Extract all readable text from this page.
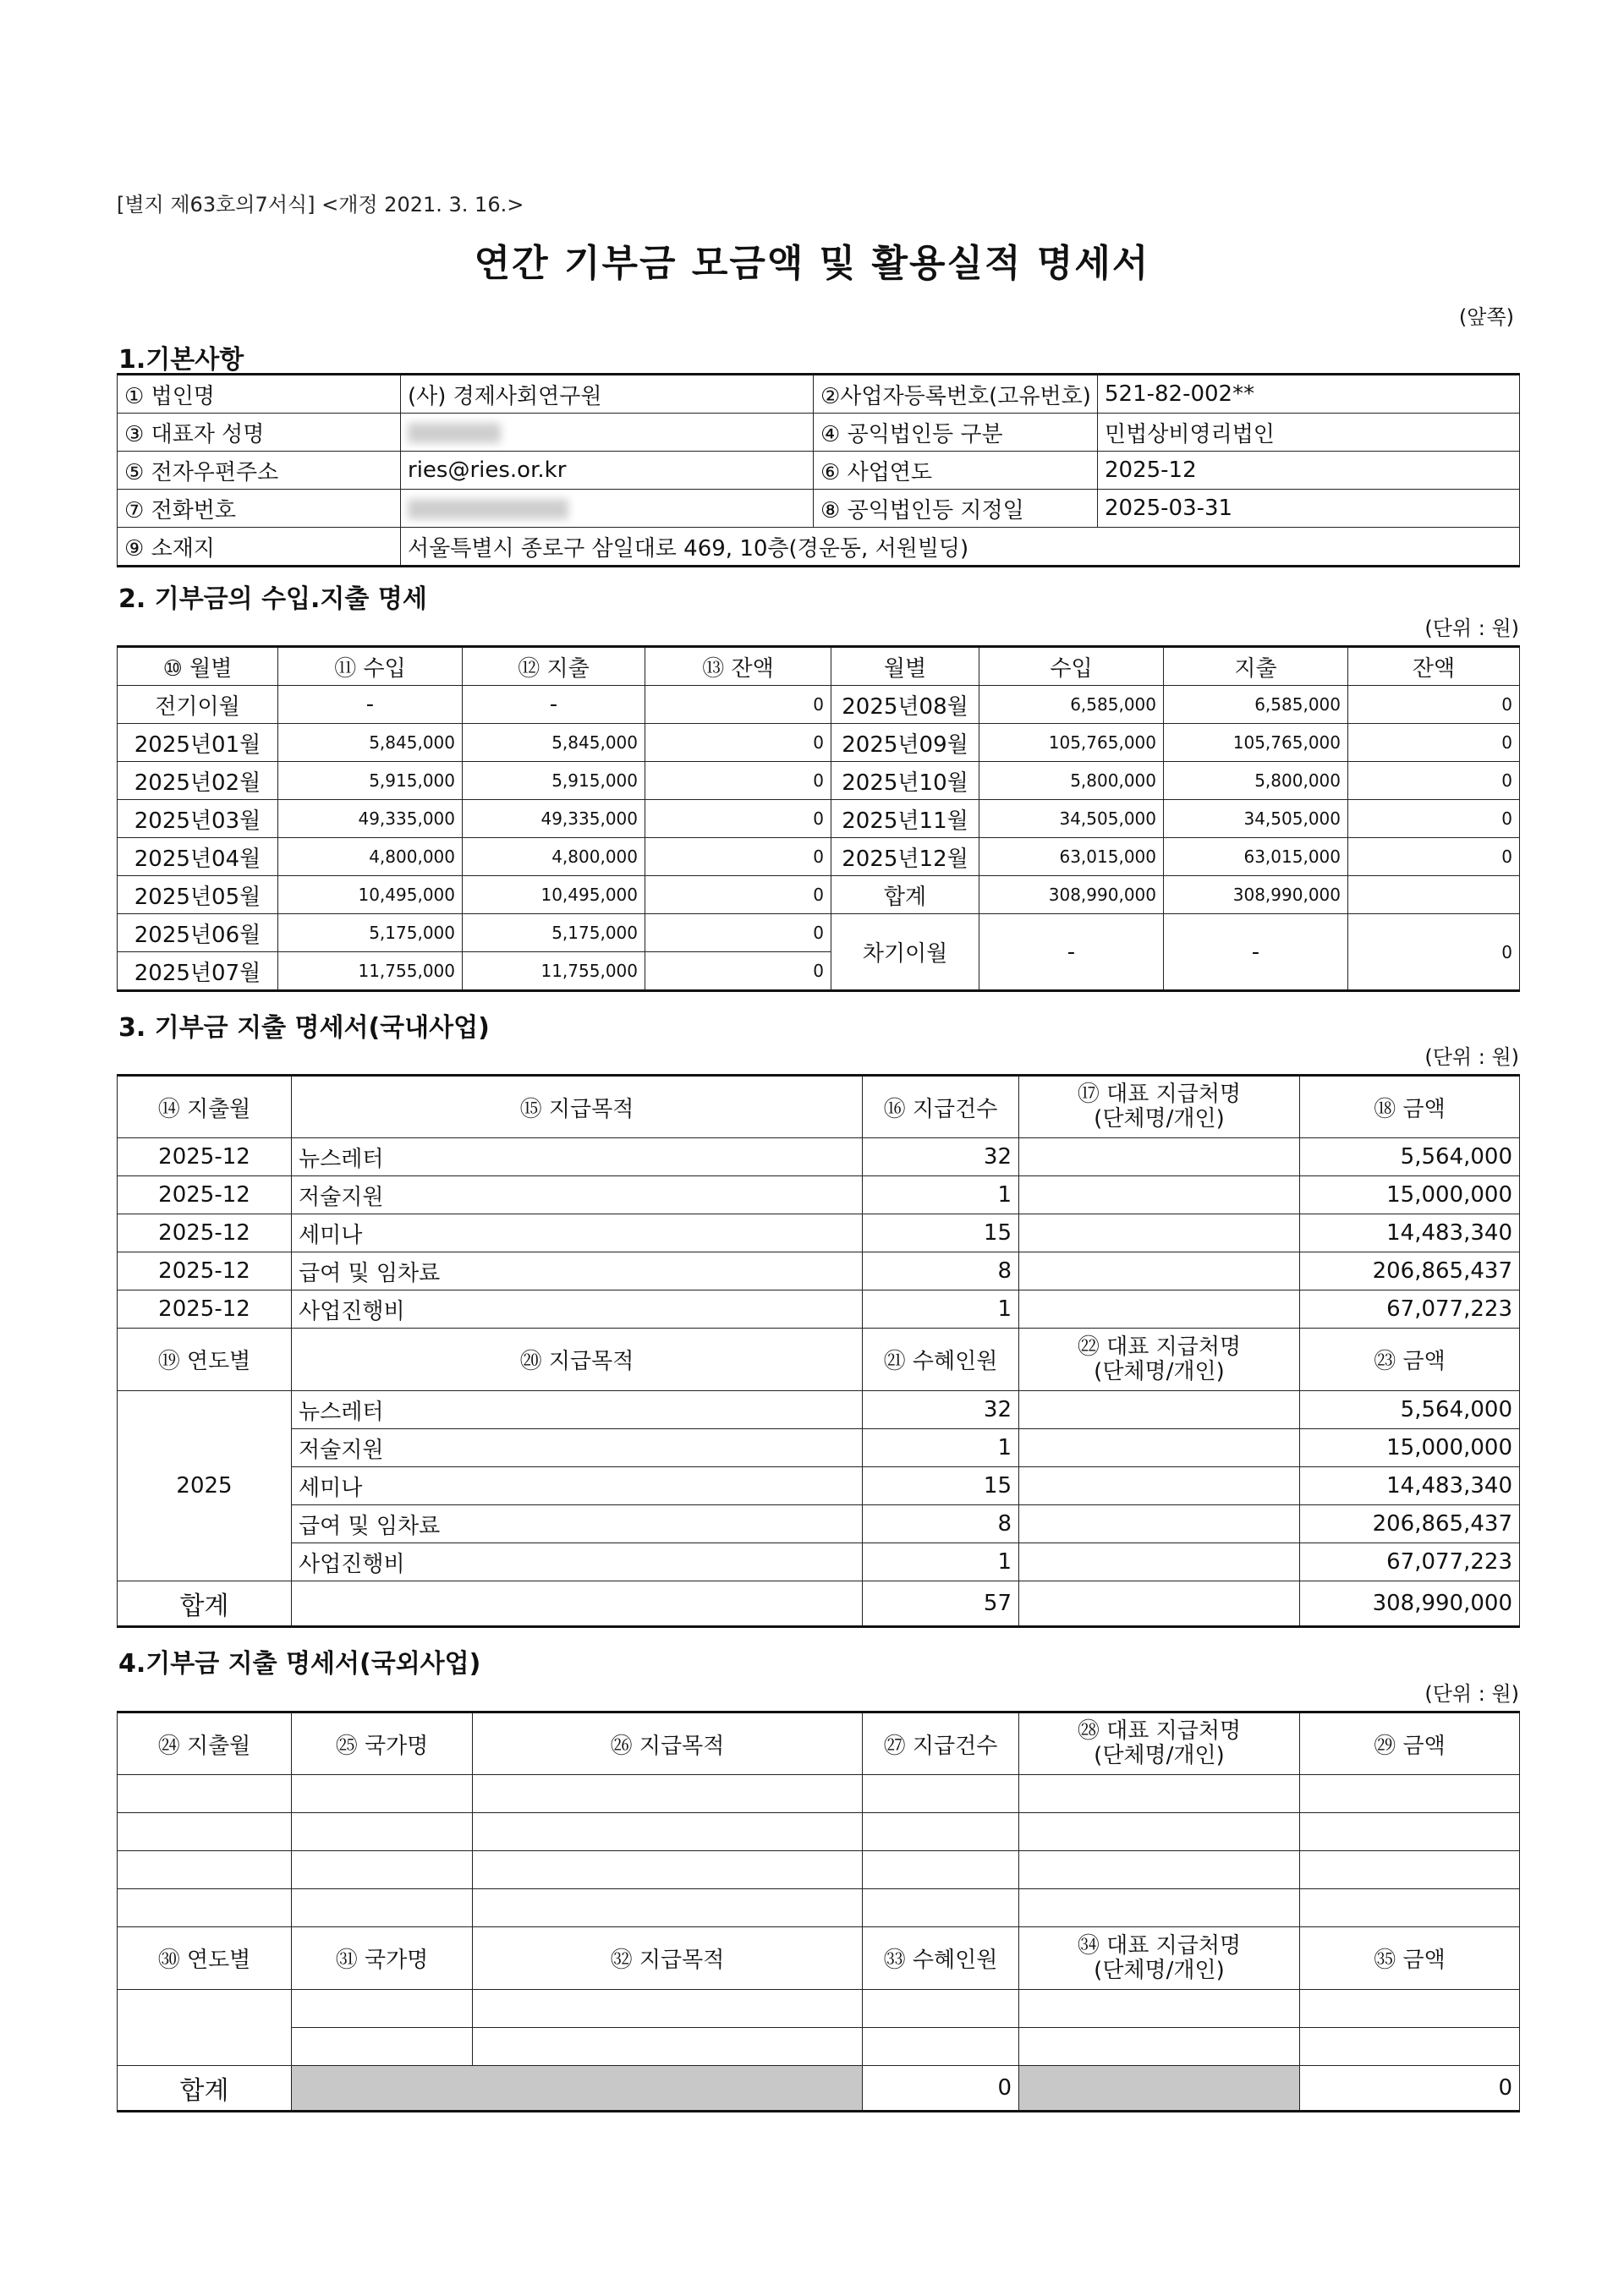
[별지 제63호의7서식] <개정 2021. 3. 16.>
연간 기부금 모금액 및 활용실적 명세서
(앞쪽)
1.기본사항
① 법인명	(사) 경제사회연구원	②사업자등록번호(고유번호)	521-82-002**
③ 대표자 성명		④ 공익법인등 구분	민법상비영리법인
⑤ 전자우편주소	ries@ries.or.kr	⑥ 사업연도	2025-12
⑦ 전화번호		⑧ 공익법인등 지정일	2025-03-31
⑨ 소재지	서울특별시 종로구 삼일대로 469, 10층(경운동, 서원빌딩)		
2. 기부금의 수입.지출 명세
(단위 : 원)
⑩ 월별	⑪ 수입	⑫ 지출	⑬ 잔액	월별	수입	지출	잔액
전기이월	-	-	0	2025년08월	6,585,000	6,585,000	0
2025년01월	5,845,000	5,845,000	0	2025년09월	105,765,000	105,765,000	0
2025년02월	5,915,000	5,915,000	0	2025년10월	5,800,000	5,800,000	0
2025년03월	49,335,000	49,335,000	0	2025년11월	34,505,000	34,505,000	0
2025년04월	4,800,000	4,800,000	0	2025년12월	63,015,000	63,015,000	0
2025년05월	10,495,000	10,495,000	0	합계	308,990,000	308,990,000	
2025년06월	5,175,000	5,175,000	0	차기이월	-	-	0
2025년07월	11,755,000	11,755,000	0				
3. 기부금 지출 명세서(국내사업)
(단위 : 원)
⑭ 지출월	⑮ 지급목적	⑯ 지급건수	⑰ 대표 지급처명
(단체명/개인)	⑱ 금액
2025-12	뉴스레터	32		5,564,000
2025-12	저술지원	1		15,000,000
2025-12	세미나	15		14,483,340
2025-12	급여 및 임차료	8		206,865,437
2025-12	사업진행비	1		67,077,223
⑲ 연도별	⑳ 지급목적	㉑ 수혜인원	㉒ 대표 지급처명
(단체명/개인)	㉓ 금액
2025	뉴스레터	32		5,564,000
	저술지원	1		15,000,000
	세미나	15		14,483,340
	급여 및 임차료	8		206,865,437
	사업진행비	1		67,077,223
합계		57		308,990,000
4.기부금 지출 명세서(국외사업)
(단위 : 원)
㉔ 지출월	㉕ 국가명	㉖ 지급목적	㉗ 지급건수	㉘ 대표 지급처명
(단체명/개인)	㉙ 금액

㉚ 연도별	㉛ 국가명	㉜ 지급목적	㉝ 수혜인원	㉞ 대표 지급처명
(단체명/개인)	㉟ 금액

합계			0		0
